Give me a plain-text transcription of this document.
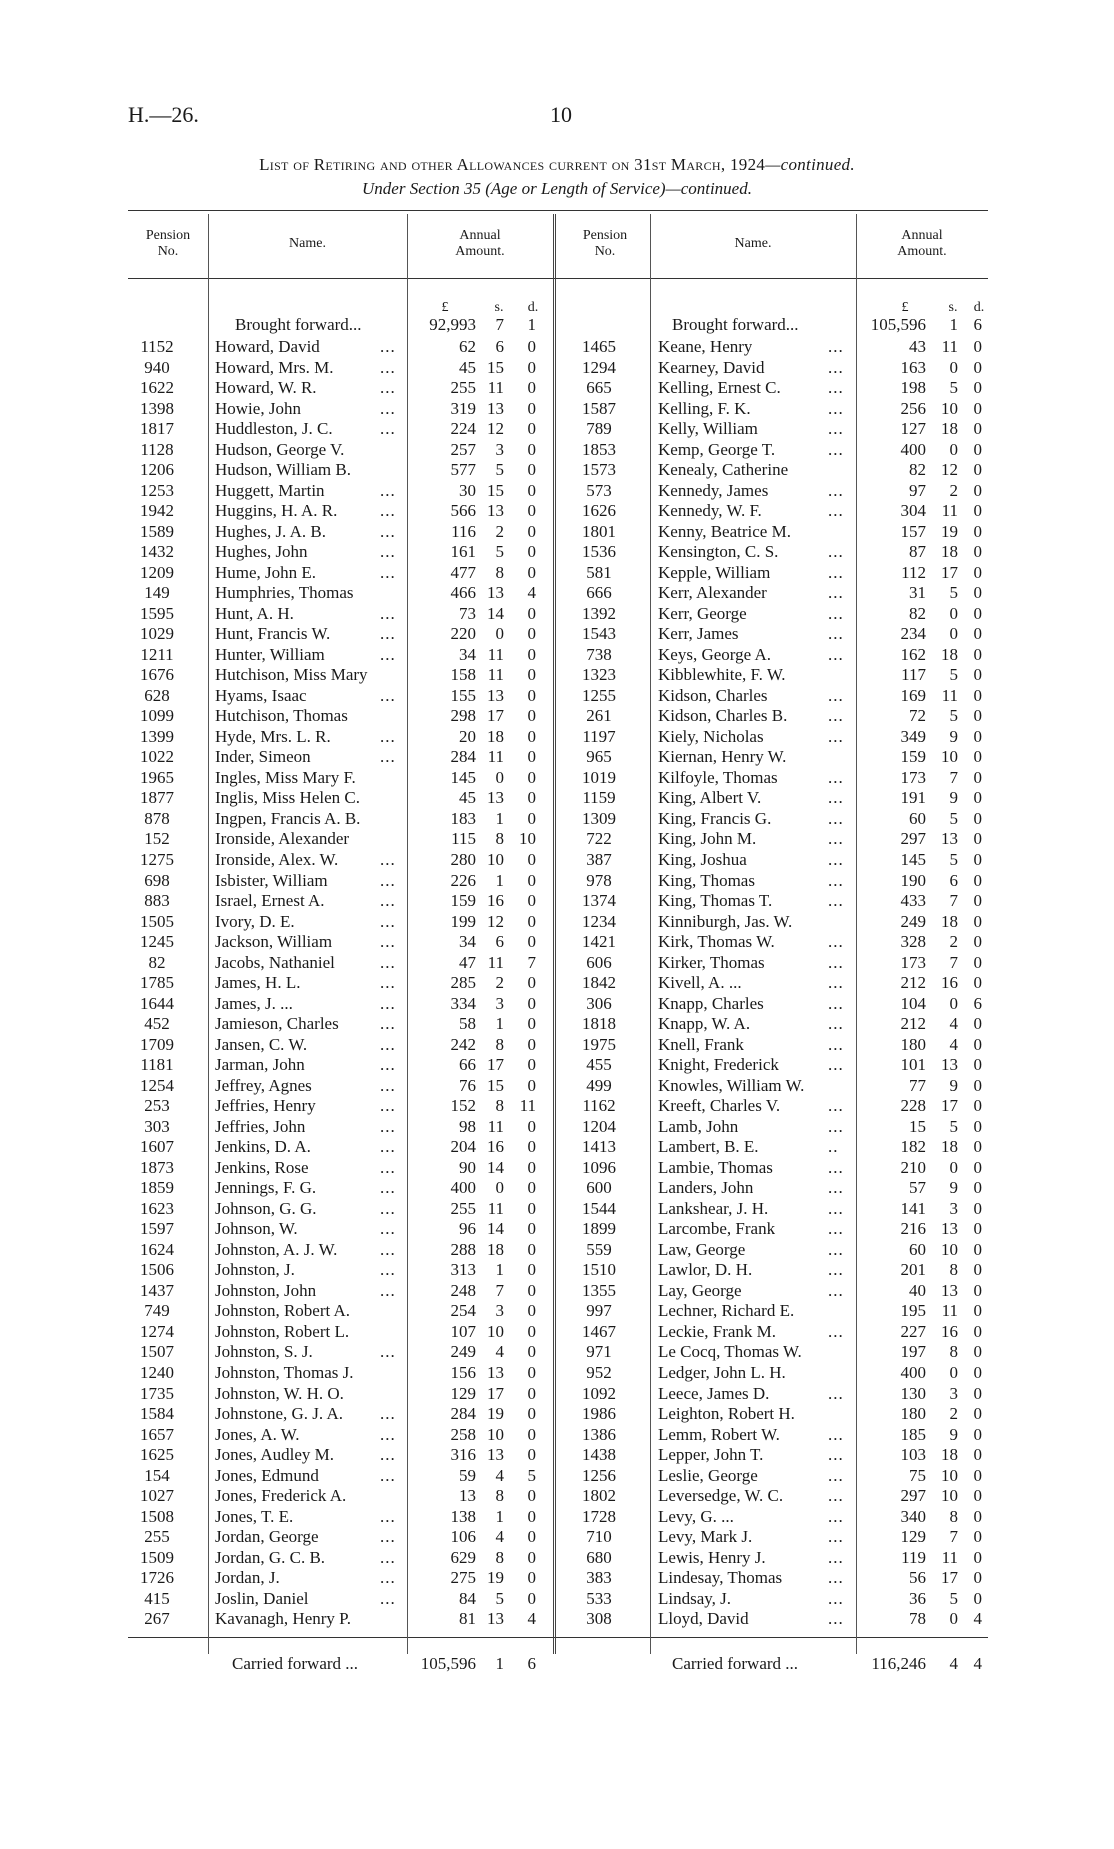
H.—26.	10
List of Retiring and other Allowances current on 31st March, 1924—continued.
Under Section 35 (Age or Length of Service)—continued.
Pension
No.
Name.
Annual
Amount.
Pension
No.
Name.
Annual
Amount.
£	s.	d.	£	s.	d.
Brought forward...	92,993	7	1	Brought forward...	105,596	1 6
1152	Howard, David	...	62	6	0
940	Howard, Mrs. M.	...	45 15	0
1622	Howard, W. R.	...	255 11	0
1398	Howie, John	...	319 13	0
1817	Huddleston, J. C.	...	224 12	0
1128	Hudson, George V.	257	3	0
1206	Hudson, William B.	577	5	0
1253	Huggett, Martin	...	30 15	0
1942	Huggins, H. A. R.	...	566 13	0
1589	Hughes, J. A. B.	...	116	2	0
1432	Hughes, John	...	161	5	0
1209	Hume, John E.	...	477	8	0
149	Humphries, Thomas	466 13	4
1595	Hunt, A. H.	...	73 14	0
1029	Hunt, Francis W.	...	220	0	0
1211	Hunter, William	...	34 11	0
1676	Hutchison, Miss Mary	158 11	0
628	Hyams, Isaac	...	155 13	0
1099	Hutchison, Thomas	298 17	0
1399	Hyde, Mrs. L. R.	...	20 18	0
1022	Inder, Simeon	...	284 11	0
1965	Ingles, Miss Mary F.	145	0	0
1877	Inglis, Miss Helen C.	45 13	0
878	Ingpen, Francis A. B.	183	1	0
152	Ironside, Alexander	115	8 10
1275	Ironside, Alex. W. ...	280 10	0
698	Isbister, William	...	226	1	0
883	Israel, Ernest A.	...	159 16	0
1505	Ivory, D. E.	...	199 12	0
1245	Jackson, William	...	34	6	0
82	Jacobs, Nathaniel	...	47 11	7
1785	James, H. L.	...	285	2	0
1644	James, J. ...	...	334	3	0
452	Jamieson, Charles ...	58	1	0
1709	Jansen, C. W.	...	242	8	0
1181	Jarman, John	...	66 17	0
1254	Jeffrey, Agnes	...	76 15	0
253	Jeffries, Henry	...	152	8 11
303	Jeffries, John	...	98 11	0
1607	Jenkins, D. A.	...	204 16	0
1873	Jenkins, Rose	...	90 14	0
1859	Jennings, F. G.	...	400	0	0
1623	Johnson, G. G.	...	255 11	0
1597	Johnson, W.	...	96 14	0
1624	Johnston, A. J. W.	...	288 18	0
1506	Johnston, J.	...	313	1	0
1437	Johnston, John	...	248	7	0
749	Johnston, Robert A.	254	3	0
1274	Johnston, Robert L.	107 10	0
1507	Johnston, S. J.	...	249	4	0
1240	Johnston, Thomas J.	156 13	0
1735	Johnston, W. H. O.	129 17	0
1584	Johnstone, G. J. A. ...	284 19	0
1657	Jones, A. W.	...	258 10	0
1625	Jones, Audley M.	...	316 13	0
154	Jones, Edmund	...	59	4	5
1027	Jones, Frederick A.	13	8	0
1508	Jones, T. E.	...	138	1	0
255	Jordan, George	...	106	4	0
1509	Jordan, G. C. B.	...	629	8	0
1726	Jordan, J.	...	275 19	0
415	Joslin, Daniel	...	84	5	0
267	Kavanagh, Henry P.	81 13	4
1465	Keane, Henry	...	43 11 0
1294	Kearney, David	...	163	0 0
665	Kelling, Ernest C.	...	198	5 0
1587	Kelling, F. K.	...	256 10 0
789	Kelly, William	...	127 18 0
1853	Kemp, George T.	...	400	0 0
1573	Kenealy, Catherine	82 12 0
573	Kennedy, James	...	97	2 0
1626	Kennedy, W. F.	...	304 11 0
1801	Kenny, Beatrice M.	157 19 0
1536	Kensington, C. S.	...	87 18 0
581	Kepple, William	...	112 17 0
666	Kerr, Alexander	...	31	5 0
1392	Kerr, George	...	82	0 0
1543	Kerr, James	...	234	0 0
738	Keys, George A.	...	162 18 0
1323	Kibblewhite, F. W.	117	5 0
1255	Kidson, Charles	...	169 11 0
261	Kidson, Charles B. ...	72	5 0
1197	Kiely, Nicholas	...	349	9 0
965	Kiernan, Henry W.	159 10 0
1019	Kilfoyle, Thomas	...	173	7 0
1159	King, Albert V.	...	191	9 0
1309	King, Francis G.	...	60	5 0
722	King, John M.	...	297 13 0
387	King, Joshua	...	145	5 0
978	King, Thomas	...	190	6 0
1374	King, Thomas T.	...	433	7 0
1234	Kinniburgh, Jas. W.	249 18 0
1421	Kirk, Thomas W.	...	328	2 0
606	Kirker, Thomas	...	173	7 0
1842	Kivell, A. ...	...	212 16 0
306	Knapp, Charles	...	104	0 6
1818	Knapp, W. A.	...	212	4 0
1975	Knell, Frank	...	180	4 0
455	Knight, Frederick	...	101 13 0
499	Knowles, William W.	77	9 0
1162	Kreeft, Charles V.	...	228 17 0
1204	Lamb, John	...	15	5 0
1413	Lambert, B. E.	..	182 18 0
1096	Lambie, Thomas	...	210	0 0
600	Landers, John	...	57	9 0
1544	Lankshear, J. H.	...	141	3 0
1899	Larcombe, Frank	...	216 13 0
559	Law, George	...	60 10 0
1510	Lawlor, D. H.	...	201	8 0
1355	Lay, George	...	40 13 0
997	Lechner, Richard E.	195 11 0
1467	Leckie, Frank M.	...	227 16 0
971	Le Cocq, Thomas W.	197	8 0
952	Ledger, John L. H.	400	0 0
1092	Leece, James D.	...	130	3 0
1986	Leighton, Robert H.	180	2 0
1386	Lemm, Robert W.	...	185	9 0
1438	Lepper, John T.	...	103 18 0
1256	Leslie, George	...	75 10 0
1802	Leversedge, W. C.	...	297 10 0
1728	Levy, G. ...	...	340	8 0
710	Levy, Mark J.	...	129	7 0
680	Lewis, Henry J.	...	119 11 0
383	Lindesay, Thomas	...	56 17 0
533	Lindsay, J.	...	36	5 0
308	Lloyd, David	...	78	0 4
Carried forward ...	105,596	1	6	Carried forward ...	116,246	4 4
